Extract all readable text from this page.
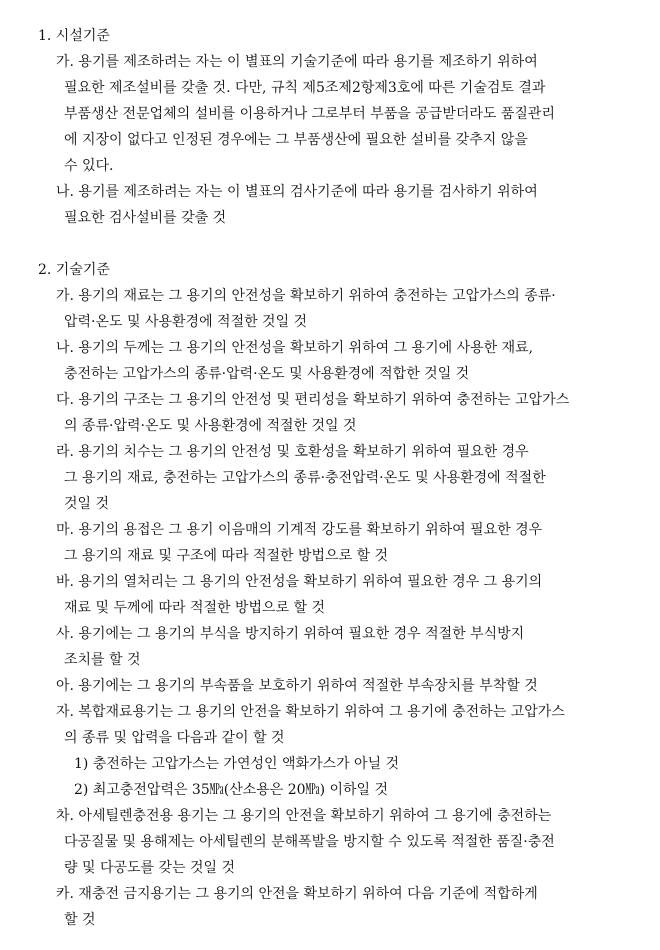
1. 시설기준
가. 용기를 제조하려는 자는 이 별표의 기술기준에 따라 용기를 제조하기 위하여
필요한 제조설비를 갖출 것. 다만, 규칙 제5조제2항제3호에 따른 기술검토 결과
부품생산 전문업체의 설비를 이용하거나 그로부터 부품을 공급받더라도 품질관리
에 지장이 없다고 인정된 경우에는 그 부품생산에 필요한 설비를 갖추지 않을
수 있다.
나. 용기를 제조하려는 자는 이 별표의 검사기준에 따라 용기를 검사하기 위하여
필요한 검사설비를 갖출 것
2. 기술기준
가. 용기의 재료는 그 용기의 안전성을 확보하기 위하여 충전하는 고압가스의 종류·
압력·온도 및 사용환경에 적절한 것일 것
나. 용기의 두께는 그 용기의 안전성을 확보하기 위하여 그 용기에 사용한 재료,
충전하는 고압가스의 종류·압력·온도 및 사용환경에 적합한 것일 것
다. 용기의 구조는 그 용기의 안전성 및 편리성을 확보하기 위하여 충전하는 고압가스
의 종류·압력·온도 및 사용환경에 적절한 것일 것
라. 용기의 치수는 그 용기의 안전성 및 호환성을 확보하기 위하여 필요한 경우
그 용기의 재료, 충전하는 고압가스의 종류·충전압력·온도 및 사용환경에 적절한
것일 것
마. 용기의 용접은 그 용기 이음매의 기계적 강도를 확보하기 위하여 필요한 경우
그 용기의 재료 및 구조에 따라 적절한 방법으로 할 것
바. 용기의 열처리는 그 용기의 안전성을 확보하기 위하여 필요한 경우 그 용기의
재료 및 두께에 따라 적절한 방법으로 할 것
사. 용기에는 그 용기의 부식을 방지하기 위하여 필요한 경우 적절한 부식방지
조치를 할 것
아. 용기에는 그 용기의 부속품을 보호하기 위하여 적절한 부속장치를 부착할 것
자. 복합재료용기는 그 용기의 안전을 확보하기 위하여 그 용기에 충전하는 고압가스
의 종류 및 압력을 다음과 같이 할 것
1) 충전하는 고압가스는 가연성인 액화가스가 아닐 것
2) 최고충전압력은 35㎫(산소용은 20㎫) 이하일 것
차. 아세틸렌충전용 용기는 그 용기의 안전을 확보하기 위하여 그 용기에 충전하는
다공질물 및 용해제는 아세틸렌의 분해폭발을 방지할 수 있도록 적절한 품질·충전
량 및 다공도를 갖는 것일 것
카. 재충전 금지용기는 그 용기의 안전을 확보하기 위하여 다음 기준에 적합하게
할 것
